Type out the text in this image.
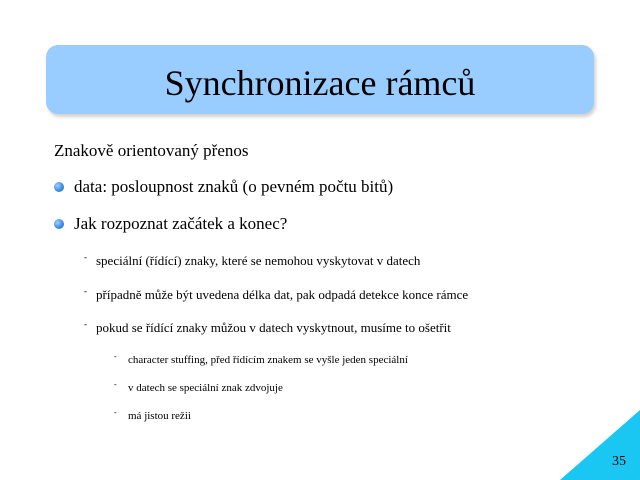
Synchronizace rámců
Znakově orientovaný přenos
data: posloupnost znaků (o pevném počtu bitů)
Jak rozpoznat začátek a konec?
- speciální (řídící) znaky, které se nemohou vyskytovat v datech
- případně může být uvedena délka dat, pak odpadá detekce konce rámce
- pokud se řídící znaky můžou v datech vyskytnout, musíme to ošetřit
-	character stuffing, před řídícím znakem se vyšle jeden speciální
-	v datech se speciální znak zdvojuje
-	má jistou režii
35
